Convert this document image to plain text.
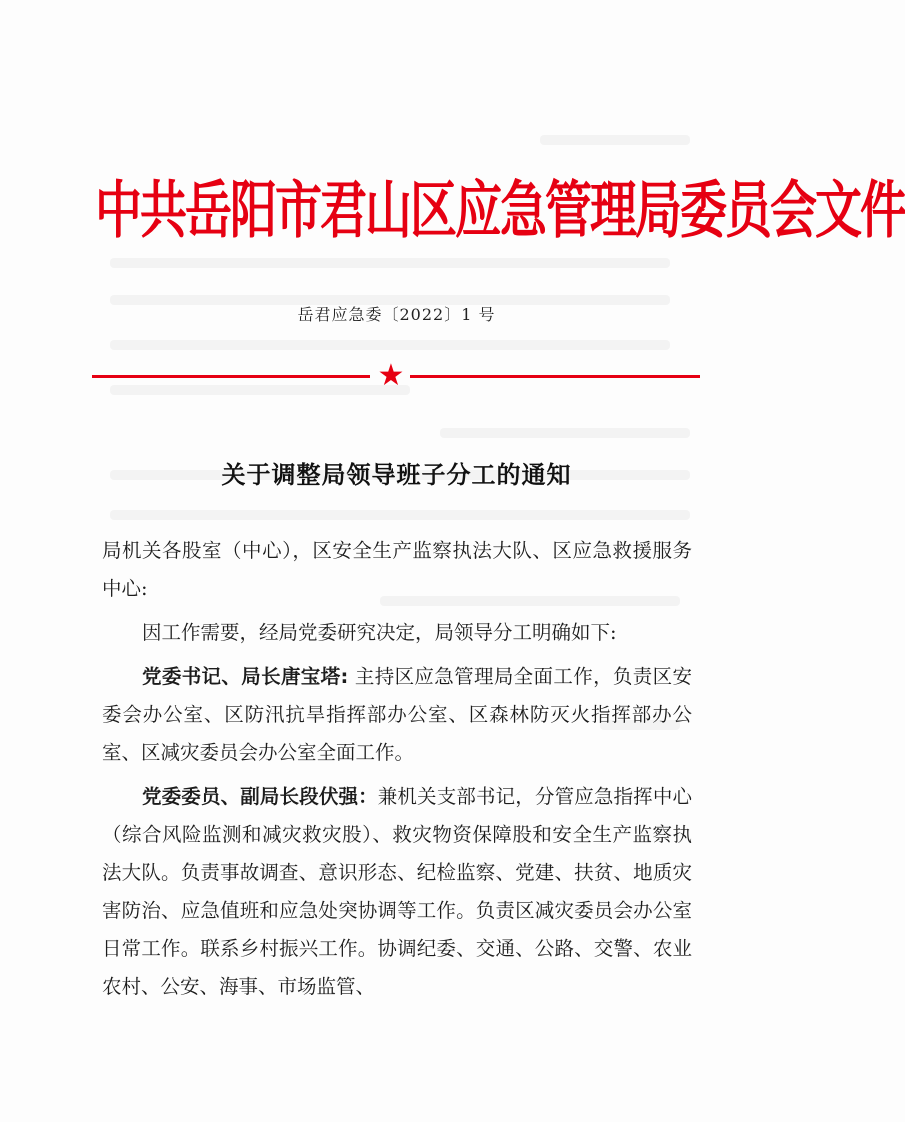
中共岳阳市君山区应急管理局委员会文件
岳君应急委〔2022〕1 号
★
关于调整局领导班子分工的通知

局机关各股室（中心），区安全生产监察执法大队、区应急救援服务中心:

因工作需要，经局党委研究决定，局领导分工明确如下:

党委书记、局长唐宝塔: 主持区应急管理局全面工作，负责区安委会办公室、区防汛抗旱指挥部办公室、区森林防灭火指挥部办公室、区减灾委员会办公室全面工作。

党委委员、副局长段伏强：兼机关支部书记，分管应急指挥中心（综合风险监测和减灾救灾股）、救灾物资保障股和安全生产监察执法大队。负责事故调查、意识形态、纪检监察、党建、扶贫、地质灾害防治、应急值班和应急处突协调等工作。负责区减灾委员会办公室日常工作。联系乡村振兴工作。协调纪委、交通、公路、交警、农业农村、公安、海事、市场监管、
